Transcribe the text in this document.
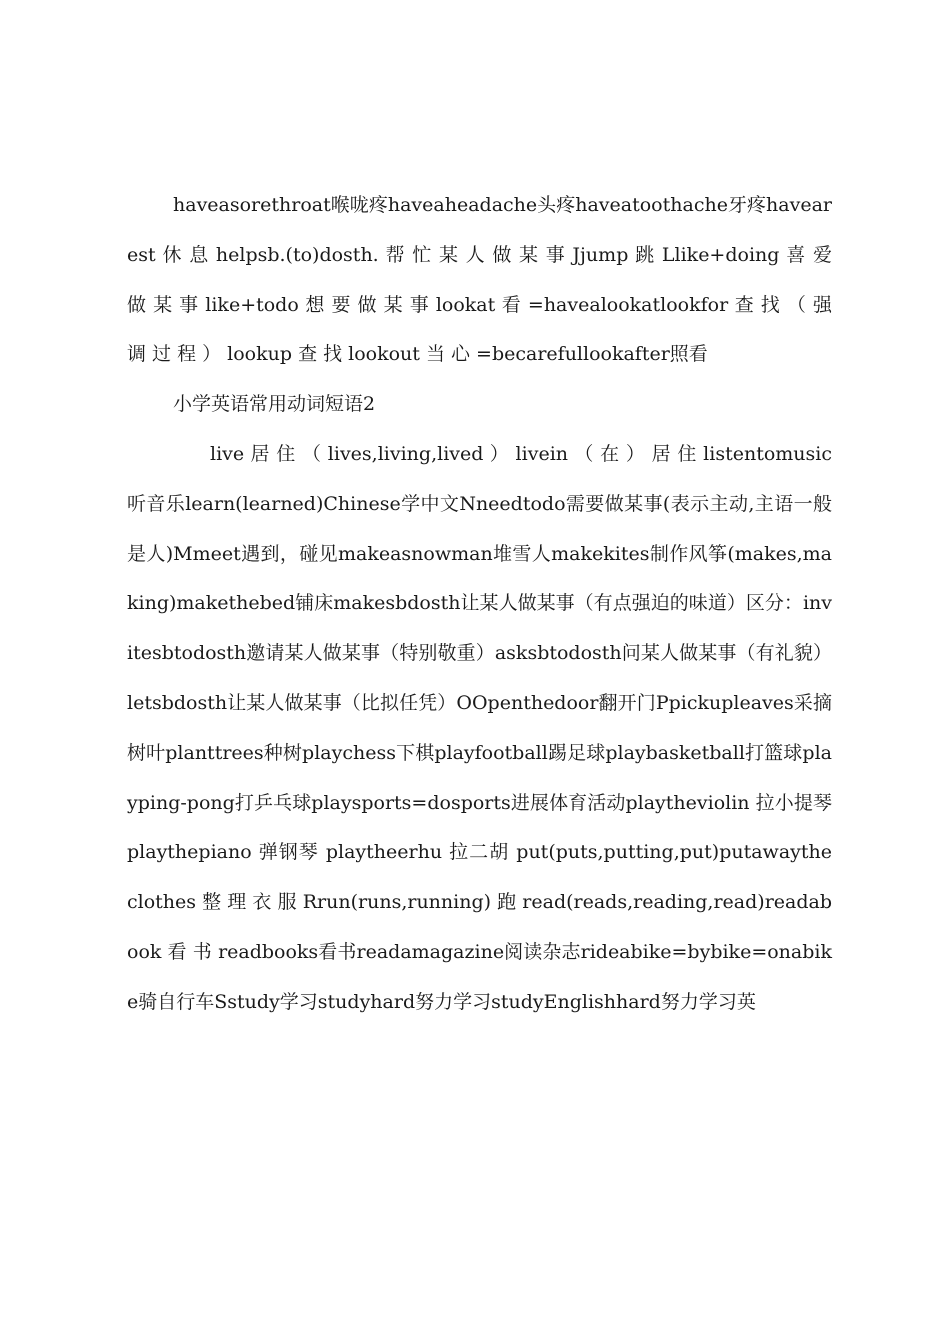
haveasorethroat喉咙疼haveaheadache头疼haveatoothache牙疼havearest 休 息 helpsb.(to)dosth. 帮 忙 某 人 做 某 事 Jjump 跳 Llike+doing 喜 爱 做 某 事 like+todo 想 要 做 某 事 lookat 看 =havealookatlookfor 查 找 （ 强 调 过 程 ） lookup 查 找 lookout 当 心 =becarefullookafter照看

小学英语常用动词短语2

live 居 住 （ lives,living,lived ） livein （ 在 ） 居 住 listentomusic听音乐learn(learned)Chinese学中文Nneedtodo需要做某事(表示主动,主语一般是人)Mmeet遇到，碰见makeasnowman堆雪人makekites制作风筝(makes,making)makethebed铺床makesbdosth让某人做某事（有点强迫的味道）区分：invitesbtodosth邀请某人做某事（特别敬重）asksbtodosth问某人做某事（有礼貌）letsbdosth让某人做某事（比拟任凭）OOpenthedoor翻开门Ppickupleaves采摘树叶planttrees种树playchess下棋playfootball踢足球playbasketball打篮球playping-pong打乒乓球playsports=dosports进展体育活动playtheviolin 拉小提琴 playthepiano 弹钢琴 playtheerhu 拉二胡 put(puts,putting,put)putawaytheclothes 整 理 衣 服 Rrun(runs,running) 跑 read(reads,reading,read)readabook 看 书 readbooks看书readamagazine阅读杂志rideabike=bybike=onabike骑自行车Sstudy学习studyhard努力学习studyEnglishhard努力学习英
